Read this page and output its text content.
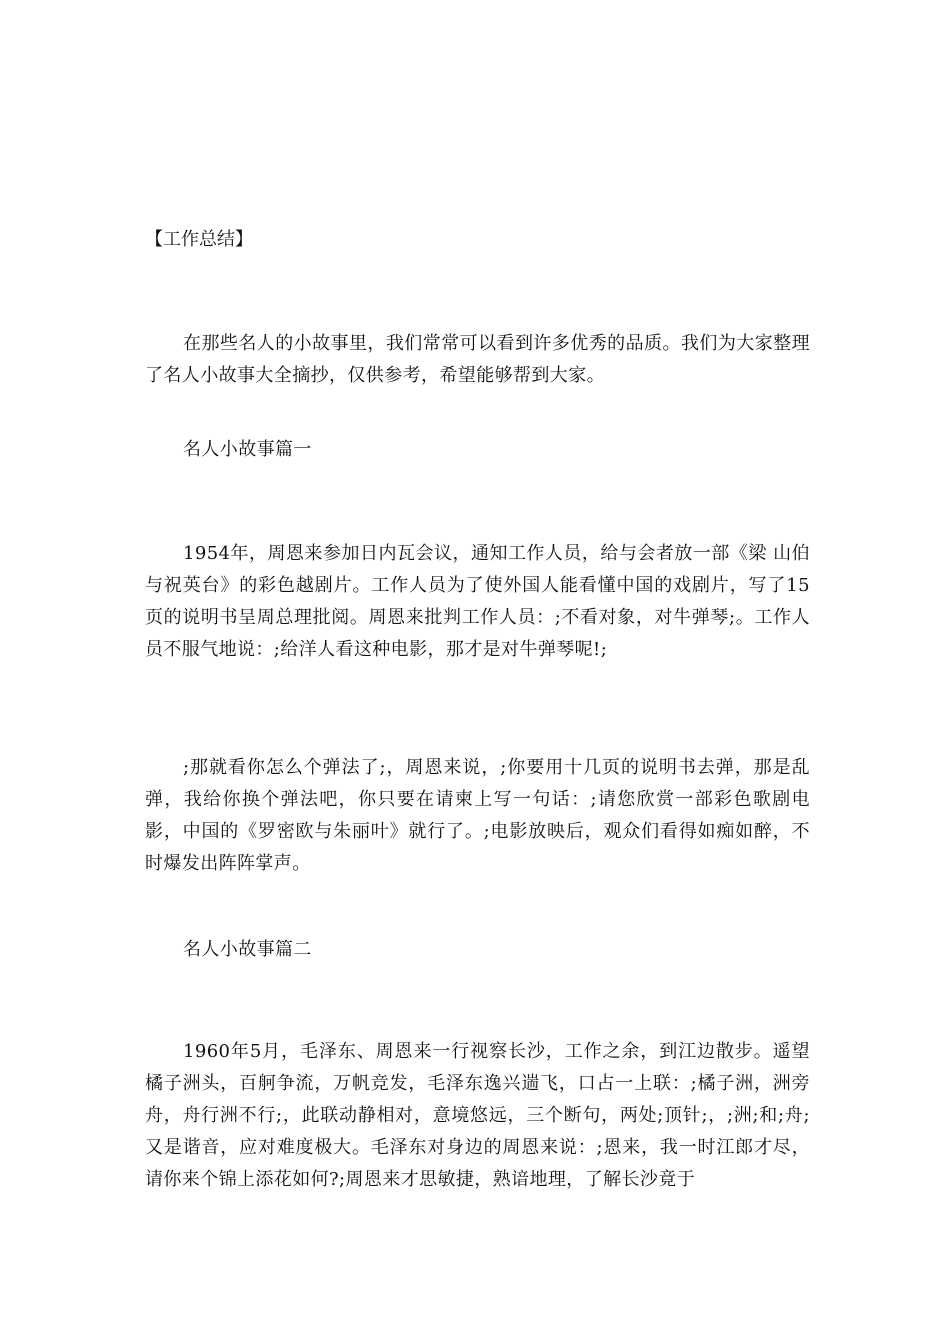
【工作总结】

在那些名人的小故事里，我们常常可以看到许多优秀的品质。我们为大家整理了名人小故事大全摘抄，仅供参考，希望能够帮到大家。

名人小故事篇一

1954年，周恩来参加日内瓦会议，通知工作人员，给与会者放一部《梁 山伯与祝英台》的彩色越剧片。工作人员为了使外国人能看懂中国的戏剧片，写了15页的说明书呈周总理批阅。周恩来批判工作人员：;不看对象，对牛弹琴;。工作人员不服气地说：;给洋人看这种电影，那才是对牛弹琴呢!;

;那就看你怎么个弹法了;，周恩来说，;你要用十几页的说明书去弹，那是乱弹，我给你换个弹法吧，你只要在请柬上写一句话：;请您欣赏一部彩色歌剧电影，中国的《罗密欧与朱丽叶》就行了。;电影放映后，观众们看得如痴如醉，不时爆发出阵阵掌声。

名人小故事篇二

1960年5月，毛泽东、周恩来一行视察长沙，工作之余，到江边散步。遥望橘子洲头，百舸争流，万帆竞发，毛泽东逸兴遄飞，口占一上联：;橘子洲，洲旁 舟，舟行洲不行;，此联动静相对，意境悠远，三个断句，两处;顶针;，;洲;和;舟;又是谐音，应对难度极大。毛泽东对身边的周恩来说：;恩来，我一时江郎才尽，请你来个锦上添花如何?;周恩来才思敏捷，熟谙地理，了解长沙竟于
